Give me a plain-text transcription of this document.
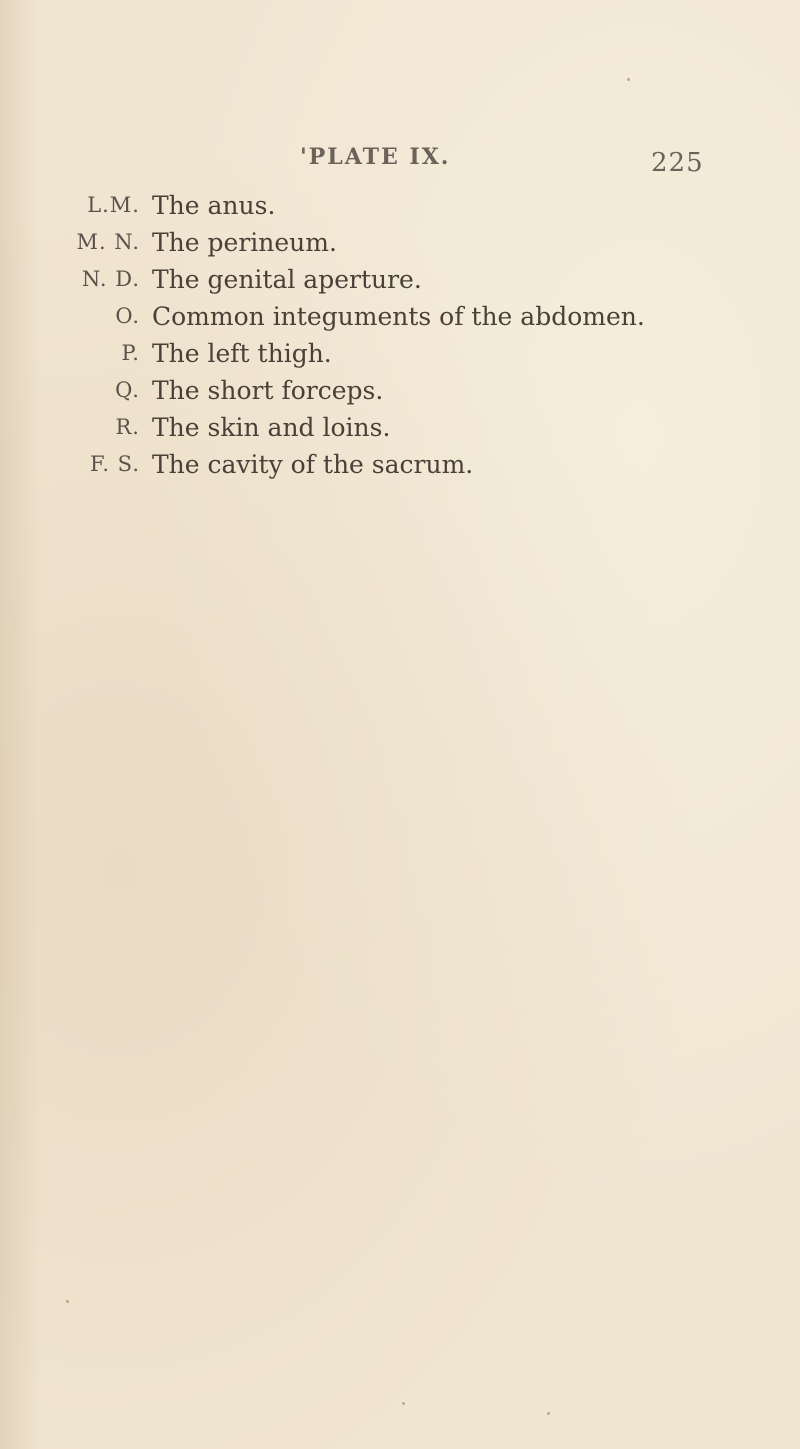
'PLATE IX.	225
L.M. The anus.
M. N. The perineum.
N. D. The genital aperture.
O. Common integuments of the abdomen.
P. The left thigh.
Q. The short forceps.
R. The skin and loins.
F. S. The cavity of the sacrum.
